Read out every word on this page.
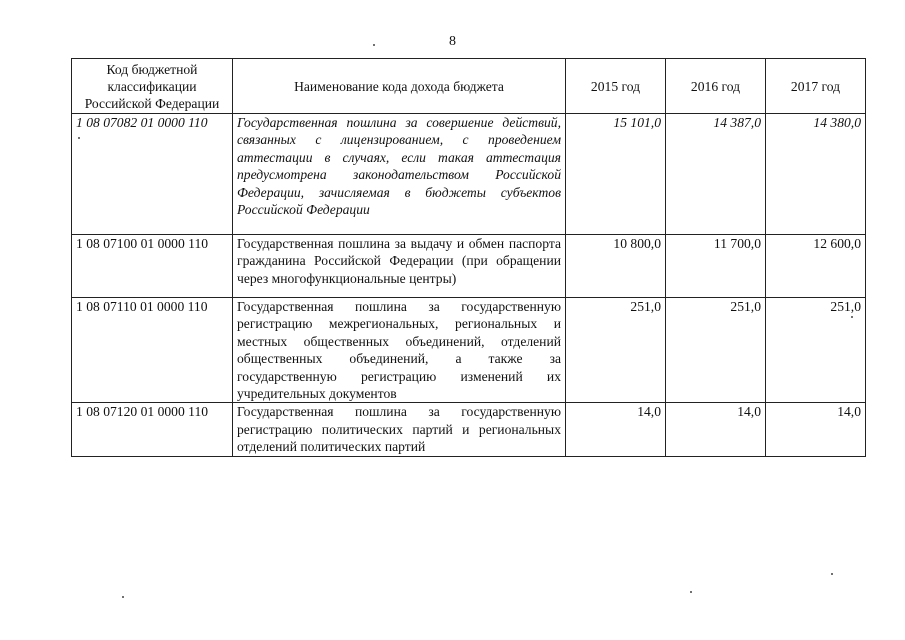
8
Код бюджетной классификации Российской Федерации	Наименование кода дохода бюджета	2015 год	2016 год	2017 год
1 08 07082 01 0000 110	Государственная пошлина за совершение действий, связанных с лицензированием, с проведением аттестации в случаях, если такая аттестация предусмотрена законодательством Российской Федерации, зачисляемая в бюджеты субъектов Российской Федерации	15 101,0	14 387,0	14 380,0
1 08 07100 01 0000 110	Государственная пошлина за выдачу и обмен паспорта гражданина Российской Федерации (при обращении через многофункциональные центры)	10 800,0	11 700,0	12 600,0
1 08 07110 01 0000 110	Государственная пошлина за государственную регистрацию межрегиональных, региональных и местных общественных объединений, отделений общественных объединений, а также за государственную регистрацию изменений их учредительных документов	251,0	251,0	251,0
1 08 07120 01 0000 110	Государственная пошлина за государственную регистрацию политических партий и региональных отделений политических партий	14,0	14,0	14,0
